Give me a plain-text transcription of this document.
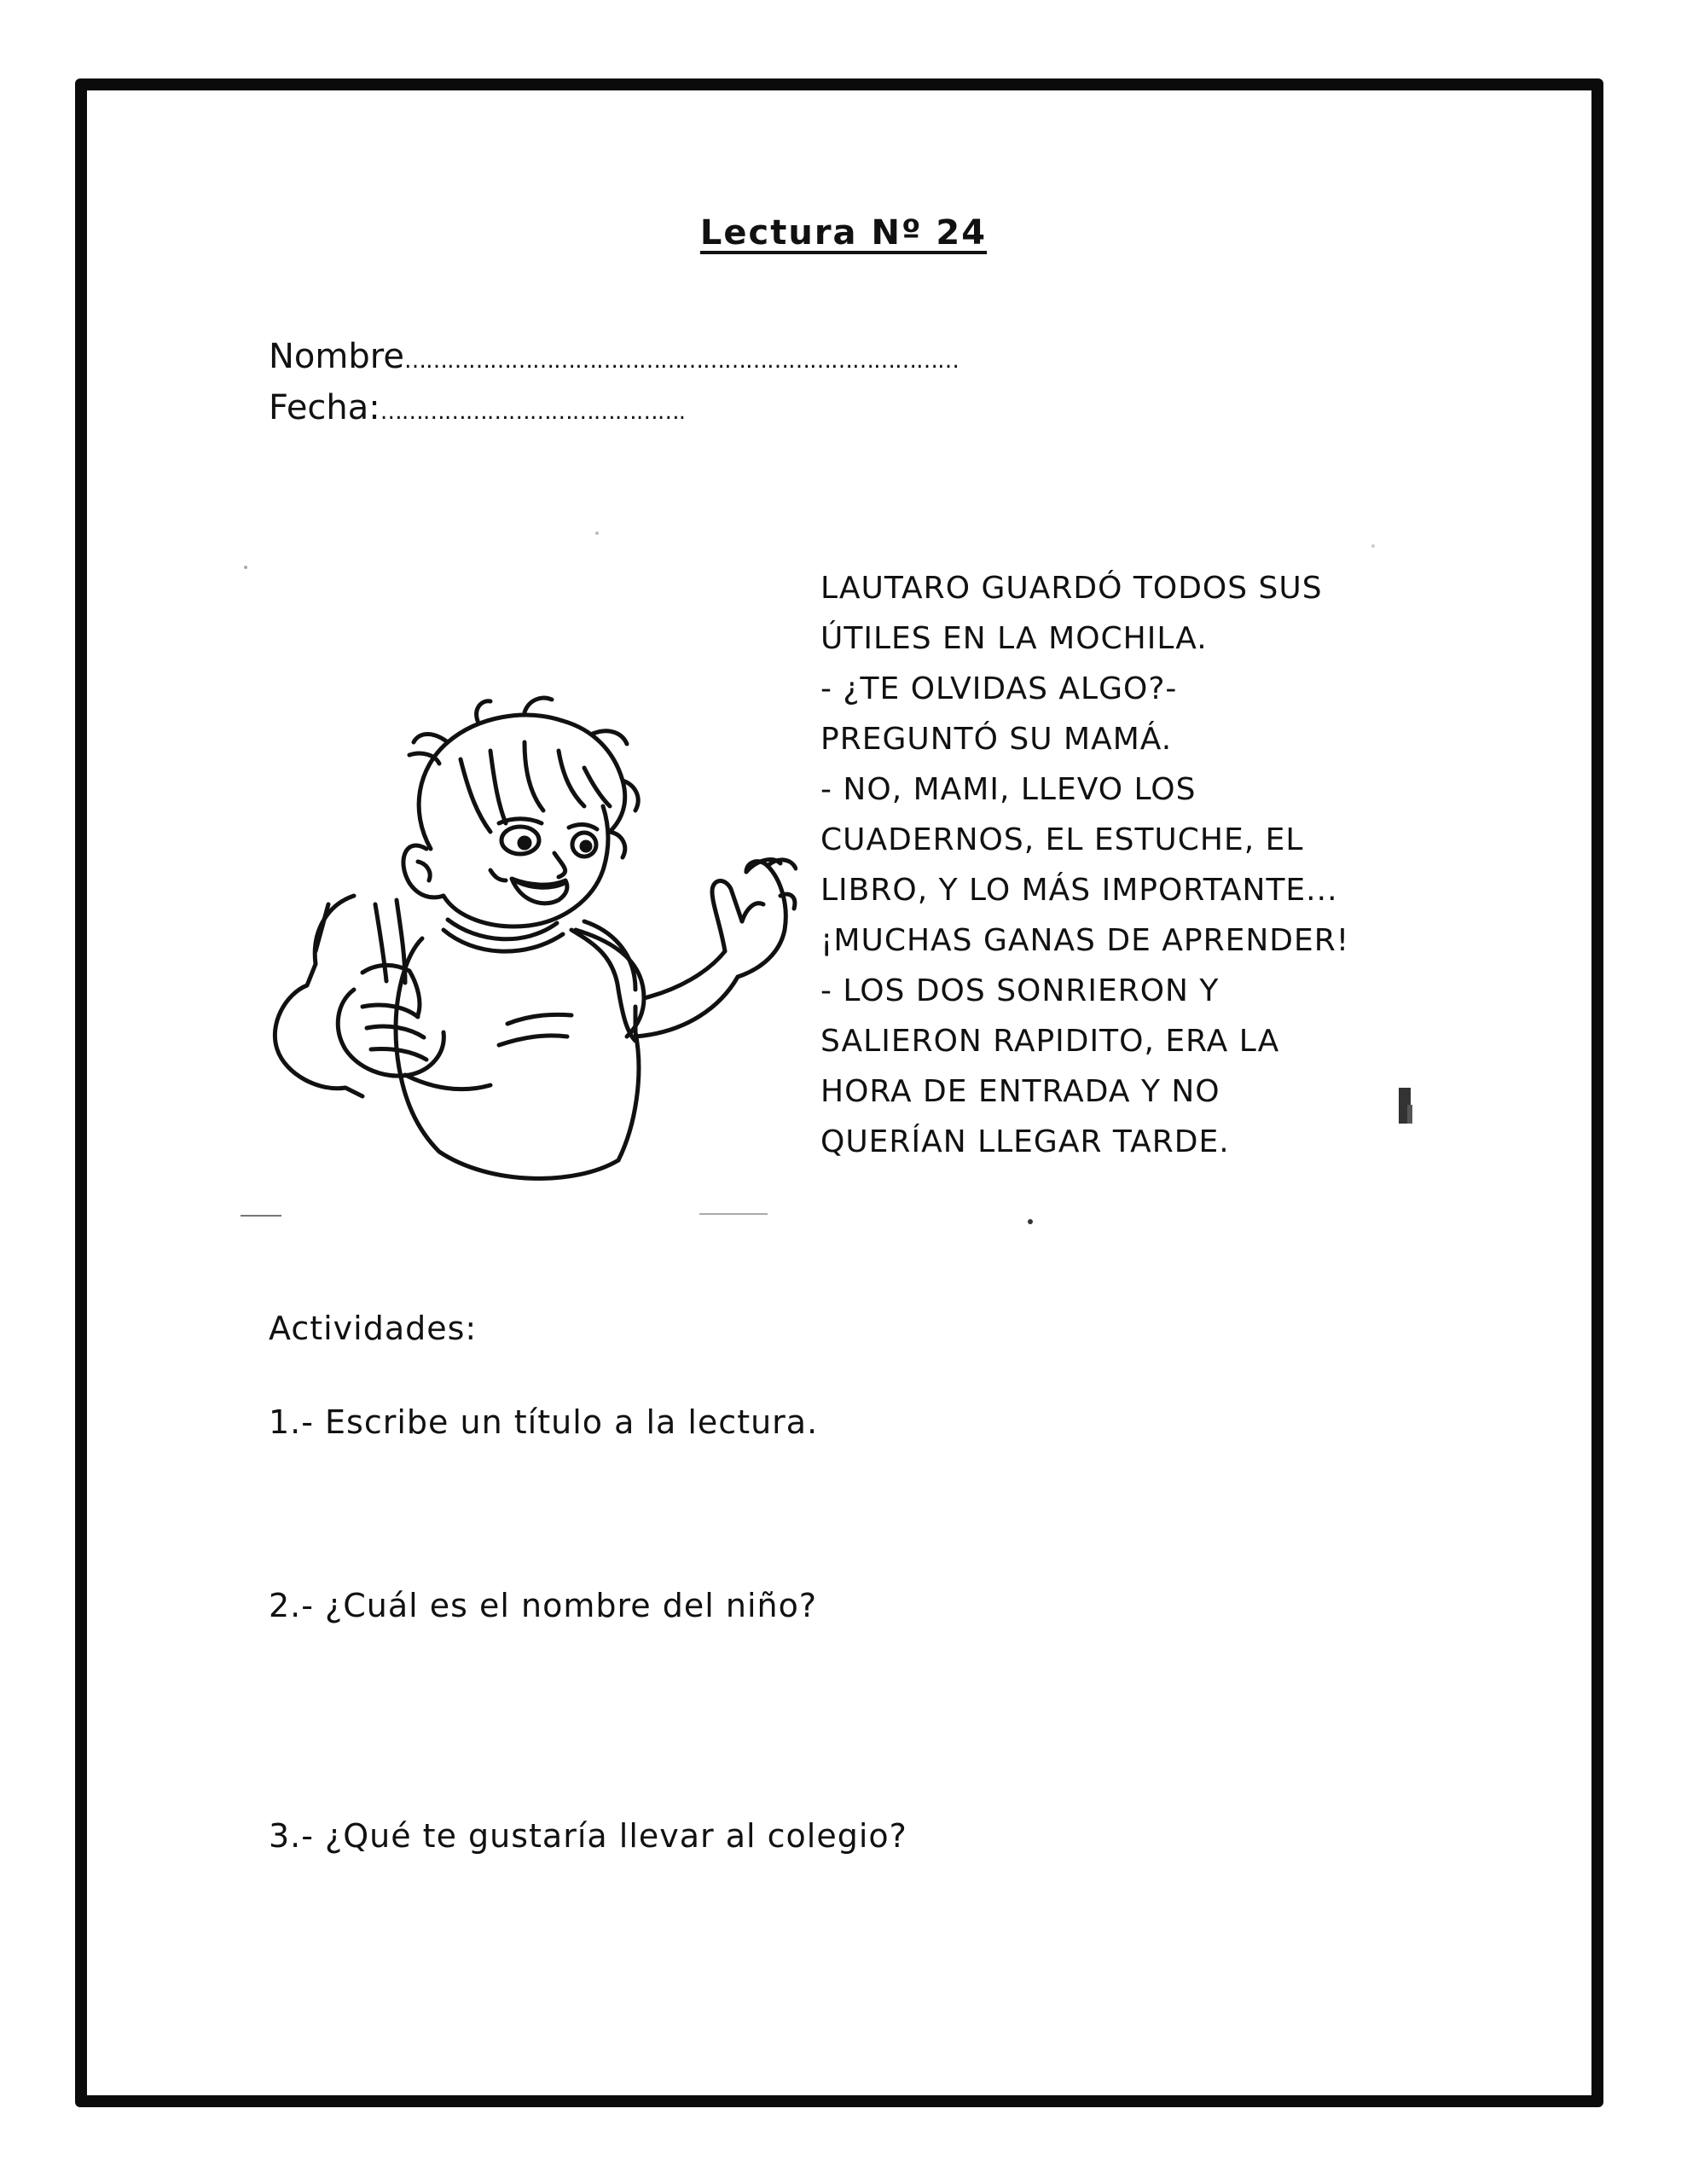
Lectura Nº 24
Nombre……………………………………………………………………
Fecha:…………………………………….
LAUTARO GUARDÓ TODOS SUS
ÚTILES EN LA MOCHILA.
- ¿TE OLVIDAS ALGO?-
PREGUNTÓ SU MAMÁ.
- NO, MAMI, LLEVO LOS
CUADERNOS, EL ESTUCHE, EL
LIBRO, Y LO MÁS IMPORTANTE...
¡MUCHAS GANAS DE APRENDER!
- LOS DOS SONRIERON Y
SALIERON RAPIDITO, ERA LA
HORA DE ENTRADA Y NO
QUERÍAN LLEGAR TARDE.
Actividades:
1.- Escribe un título a la lectura.
2.- ¿Cuál es el nombre del niño?
3.- ¿Qué te gustaría llevar al colegio?
